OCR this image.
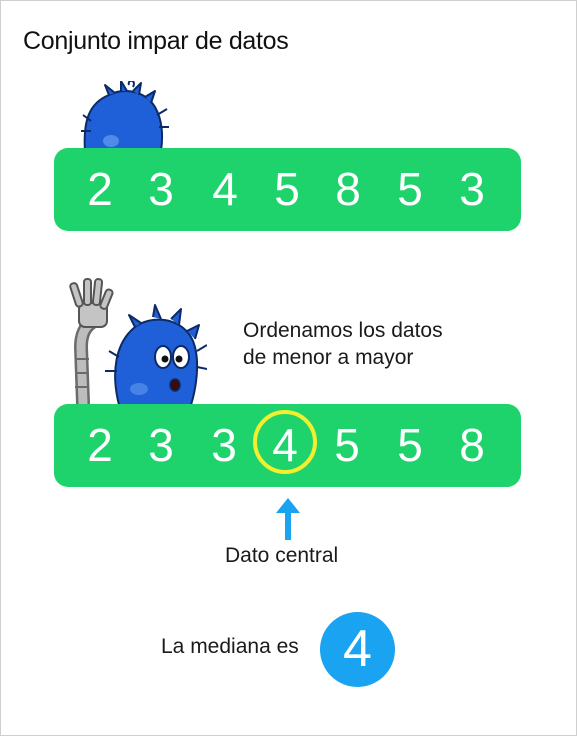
Conjunto impar de datos
2 3 4 5 8 5 3
Ordenamos los datos
de menor a mayor
2 3 3 4 5 5 8
Dato central
La mediana es 4
